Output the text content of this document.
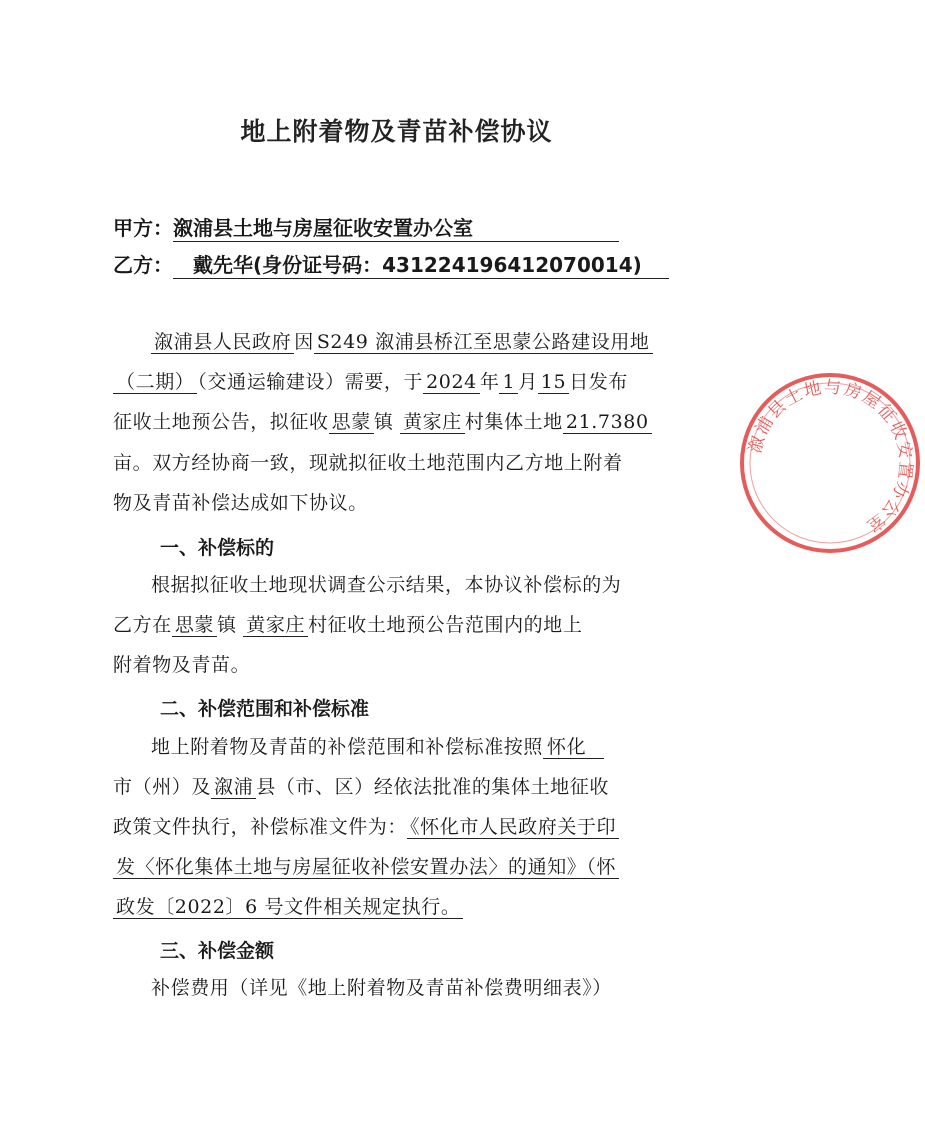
地上附着物及青苗补偿协议
甲方：溆浦县土地与房屋征收安置办公室
乙方： 戴先华(身份证号码：431224196412070014)
溆浦县人民政府 因 S249 溆浦县桥江至思蒙公路建设用地
（二期） （交通运输建设）需要，于 2024 年 1 月 15 日发布
征收土地预公告，拟征收 思蒙 镇 黄家庄 村集体土地 21.7380
亩。双方经协商一致，现就拟征收土地范围内乙方地上附着
物及青苗补偿达成如下协议。
一、补偿标的
根据拟征收土地现状调查公示结果，本协议补偿标的为
乙方在 思蒙 镇 黄家庄 村征收土地预公告范围内的地上
附着物及青苗。
二、补偿范围和补偿标准
地上附着物及青苗的补偿范围和补偿标准按照 怀化
市（州）及 溆浦 县（市、区）经依法批准的集体土地征收
政策文件执行，补偿标准文件为： 《怀化市人民政府关于印
发〈怀化集体土地与房屋征收补偿安置办法〉的通知》（怀
政发〔2022〕6 号文件相关规定执行。
三、补偿金额
补偿费用（详见《地上附着物及青苗补偿费明细表》）
溆浦县土地与房屋征收安置办公室
